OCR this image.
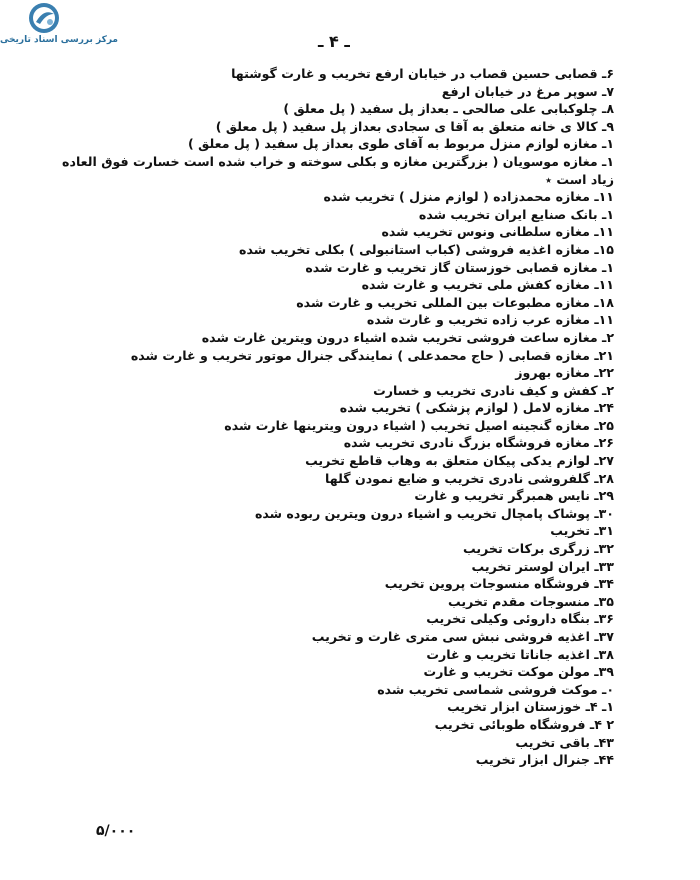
مرکز بررسی اسناد تاریخی	ـ ۴ ـ
۶ـ قصابی حسین قصاب در خیابان ارفع تخریب و غارت گوشتها
۷ـ سوپر مرغ در خیابان ارفع
۸ـ چلوکبابی علی صالحی ـ بعداز پل سفید ( پل معلق )
۹ـ کالا ی خانه متعلق به آقا ی سجادی بعداز پل سفید ( پل معلق )
۱ـ مغازه لوازم منزل مربوط به آقای طوی بعداز پل سفید ( پل معلق )
۱ـ مغازه موسویان ( بزرگترین مغازه و بکلی سوخته و خراب شده است خسارت فوق العاده
زیاد است ٭
۱۱ـ مغازه محمدزاده ( لوازم منزل ) تخریب شده
۱ـ بانک صنایع ایران تخریب شده
۱۱ـ مغازه سلطانی ونوس تخریب شده
۱۵ـ مغازه اغذیه فروشی (کباب استانبولی ) بکلی تخریب شده
۱ـ مغازه قصابی خوزستان گاز تخریب و غارت شده
۱۱ـ مغازه کفش ملی تخریب و غارت شده
۱۸ـ مغازه مطبوعات بین المللی تخریب و غارت شده
۱۱ـ مغازه عرب زاده تخریب و غارت شده
۲ـ مغازه ساعت فروشی تخریب شده اشیاء درون ویترین غارت شده
۲۱ـ مغازه قصابی ( حاج محمدعلی ) نمایندگی جنرال موتور تخریب و غارت شده
۲۲ـ مغازه بهروز
۲ـ کفش و کیف نادری تخریب و خسارت
۲۴ـ مغازه لامل ( لوازم پزشکی ) تخریب شده
۲۵ـ مغازه گنجینه اصیل تخریب ( اشیاء درون ویترینها غارت شده
۲۶ـ مغازه فروشگاه بزرگ نادری تخریب شده
۲۷ـ لوازم یدکی پیکان متعلق به وهاب قاطع تخریب
۲۸ـ گلفروشی نادری تخریب و ضایع نمودن گلها
۲۹ـ نایس همبرگر تخریب و غارت
۳۰ـ پوشاک پامچال تخریب و اشیاء درون ویترین ربوده شده
۳۱ـ تخریب
۳۲ـ زرگری برکات تخریب
۳۳ـ ایران لوستر تخریب
۳۴ـ فروشگاه منسوجات پروین تخریب
۳۵ـ منسوجات مقدم تخریب
۳۶ـ بنگاه داروئی وکیلی تخریب
۳۷ـ اغذیه فروشی نبش سی متری غارت و تخریب
۳۸ـ اغذیه جاناتا تخریب و غارت
۳۹ـ مولن موکت تخریب و غارت
۰ـ موکت فروشی شماسی تخریب شده
۱ـ ۴ـ خوزستان ابزار تخریب
۲ ۴ـ فروشگاه طوبائی تخریب
۴۳ـ باقی تخریب
۴۴ـ جنرال ابزار تخریب
۵/۰۰۰
